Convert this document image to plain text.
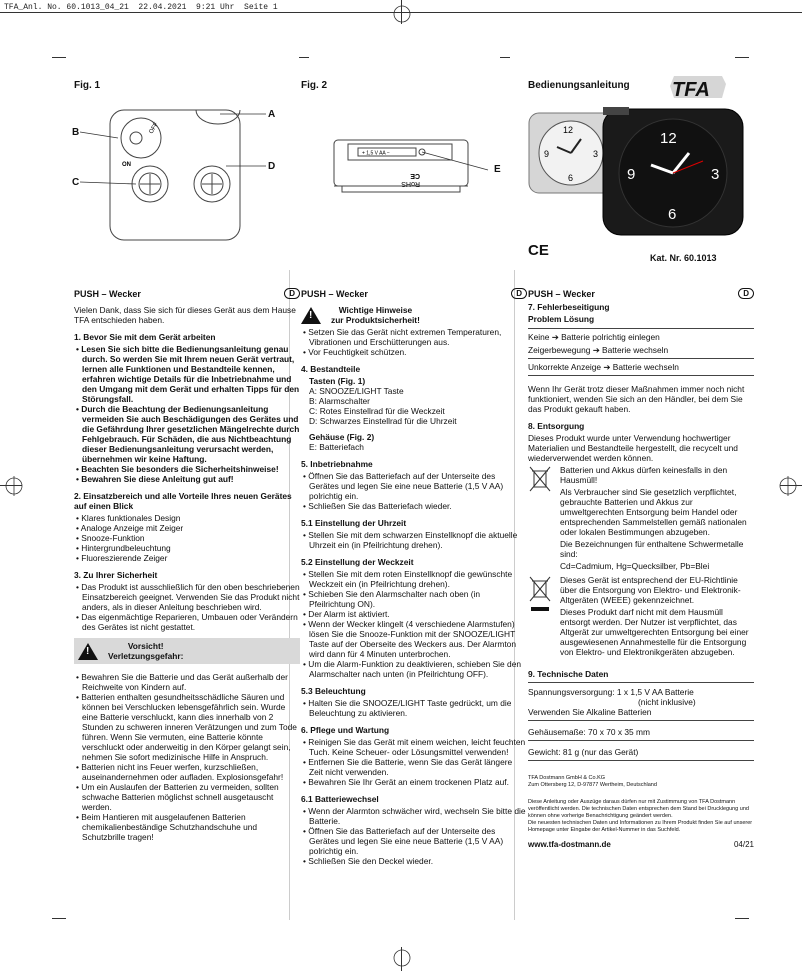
TFA_Anl. No. 60.1013_04_21  22.04.2021  9:21 Uhr  Seite 1
Fig. 1
OFF
ON
B
C
A
D
Fig. 2
+ 1,5 V AA −
CE
RoHS
E
Bedienungsanleitung TFA
12
3
6
9
12
3
6
9
CE	Kat. Nr. 60.1013
PUSH – Wecker	D

Vielen Dank, dass Sie sich für dieses Gerät aus dem Hause TFA entschieden haben.

1. Bevor Sie mit dem Gerät arbeiten
• Lesen Sie sich bitte die Bedienungsanleitung genau durch. So werden Sie mit Ihrem neuen Gerät vertraut, lernen alle Funktionen und Bestandteile kennen, erfahren wichtige Details für die Inbetriebnahme und den Umgang mit dem Gerät und erhalten Tipps für den Störungsfall.
• Durch die Beachtung der Bedienungsanleitung vermeiden Sie auch Beschädigungen des Gerätes und die Gefährdung Ihrer gesetzlichen Mängelrechte durch Fehlgebrauch. Für Schäden, die aus Nichtbeachtung dieser Bedienungsanleitung verursacht werden, übernehmen wir keine Haftung.
• Beachten Sie besonders die Sicherheitshinweise!
• Bewahren Sie diese Anleitung gut auf!
2. Einsatzbereich und alle Vorteile Ihres neuen Gerätes auf einen Blick
• Klares funktionales Design
• Analoge Anzeige mit Zeiger
• Snooze-Funktion
• Hintergrundbeleuchtung
• Fluoreszierende Zeiger
3. Zu Ihrer Sicherheit
• Das Produkt ist ausschließlich für den oben beschriebenen Einsatzbereich geeignet. Verwenden Sie das Produkt nicht anders, als in dieser Anleitung beschrieben wird.
• Das eigenmächtige Reparieren, Umbauen oder Verändern des Gerätes ist nicht gestattet.
!	Vorsicht!
Verletzungsgefahr:
• Bewahren Sie die Batterie und das Gerät außerhalb der Reichweite von Kindern auf.
• Batterien enthalten gesundheitsschädliche Säuren und können bei Verschlucken lebensgefährlich sein. Wurde eine Batterie verschluckt, kann dies innerhalb von 2 Stunden zu schweren inneren Verätzungen und zum Tode führen. Wenn Sie vermuten, eine Batterie könnte verschluckt oder anderweitig in den Körper gelangt sein, nehmen Sie sofort medizinische Hilfe in Anspruch.
• Batterien nicht ins Feuer werfen, kurzschließen, auseinandernehmen oder aufladen. Explosionsgefahr!
• Um ein Auslaufen der Batterien zu vermeiden, sollten schwache Batterien möglichst schnell ausgetauscht werden.
• Beim Hantieren mit ausgelaufenen Batterien chemikalienbeständige Schutzhandschuhe und Schutzbrille tragen!
PUSH – Wecker	D
!	Wichtige Hinweise
zur Produktsicherheit!
• Setzen Sie das Gerät nicht extremen Temperaturen, Vibrationen und Erschütterungen aus.
• Vor Feuchtigkeit schützen.
4. Bestandteile
Tasten (Fig. 1)
A: SNOOZE/LIGHT Taste
B: Alarmschalter
C: Rotes Einstellrad für die Weckzeit
D: Schwarzes Einstellrad für die Uhrzeit
Gehäuse (Fig. 2)
E: Batteriefach
5. Inbetriebnahme
• Öffnen Sie das Batteriefach auf der Unterseite des Gerätes und legen Sie eine neue Batterie (1,5 V AA) polrichtig ein.
• Schließen Sie das Batteriefach wieder.
5.1 Einstellung der Uhrzeit
• Stellen Sie mit dem schwarzen Einstellknopf die aktuelle Uhrzeit ein (in Pfeilrichtung drehen).
5.2 Einstellung der Weckzeit
• Stellen Sie mit dem roten Einstellknopf die gewünschte Weckzeit ein (in Pfeilrichtung drehen).
• Schieben Sie den Alarmschalter nach oben (in Pfeilrichtung ON).
• Der Alarm ist aktiviert.
• Wenn der Wecker klingelt (4 verschiedene Alarmstufen) lösen Sie die Snooze-Funktion mit der SNOOZE/LIGHT Taste auf der Oberseite des Weckers aus. Der Alarmton wird dann für 4 Minuten unterbrochen.
• Um die Alarm-Funktion zu deaktivieren, schieben Sie den Alarmschalter nach unten (in Pfeilrichtung OFF).
5.3 Beleuchtung
• Halten Sie die SNOOZE/LIGHT Taste gedrückt, um die Beleuchtung zu aktivieren.
6. Pflege und Wartung
• Reinigen Sie das Gerät mit einem weichen, leicht feuchten Tuch. Keine Scheuer- oder Lösungsmittel verwenden!
• Entfernen Sie die Batterie, wenn Sie das Gerät längere Zeit nicht verwenden.
• Bewahren Sie Ihr Gerät an einem trockenen Platz auf.
6.1 Batteriewechsel
• Wenn der Alarmton schwächer wird, wechseln Sie bitte die Batterie.
• Öffnen Sie das Batteriefach auf der Unterseite des Gerätes und legen Sie eine neue Batterie (1,5 V AA) polrichtig ein.
• Schließen Sie den Deckel wieder.
PUSH – Wecker	D
7. Fehlerbeseitigung
Problem Lösung
Keine ➔ Batterie polrichtig einlegen
Zeigerbewegung ➔ Batterie wechseln
Unkorrekte Anzeige ➔ Batterie wechseln

Wenn Ihr Gerät trotz dieser Maßnahmen immer noch nicht funktioniert, wenden Sie sich an den Händler, bei dem Sie das Produkt gekauft haben.

8. Entsorgung

Dieses Produkt wurde unter Verwendung hochwertiger Materialien und Bestandteile hergestellt, die recycelt und wiederverwendet werden können.

Batterien und Akkus dürfen keinesfalls in den Hausmüll!

Als Verbraucher sind Sie gesetzlich verpflichtet, gebrauchte Batterien und Akkus zur umweltgerechten Entsorgung beim Handel oder entsprechenden Sammelstellen gemäß nationalen oder lokalen Bestimmungen abzugeben.

Die Bezeichnungen für enthaltene Schwermetalle sind:

Cd=Cadmium, Hg=Quecksilber, Pb=Blei

Dieses Gerät ist entsprechend der EU-Richtlinie über die Entsorgung von Elektro- und Elektronik-Altgeräten (WEEE) gekennzeichnet.

Dieses Produkt darf nicht mit dem Hausmüll entsorgt werden. Der Nutzer ist verpflichtet, das Altgerät zur umweltgerechten Entsorgung bei einer ausgewiesenen Annahmestelle für die Entsorgung von Elektro- und Elektronikgeräten abzugeben.

9. Technische Daten
Spannungsversorgung: 1 x 1,5 V AA Batterie
(nicht inklusive)
Verwenden Sie Alkaline Batterien
Gehäusemaße: 70 x 70 x 35 mm
Gewicht: 81 g (nur das Gerät)
TFA Dostmann GmbH & Co.KG
Zum Ottersberg 12, D-97877 Wertheim, Deutschland
Diese Anleitung oder Auszüge daraus dürfen nur mit Zustimmung von TFA Dostmann veröffentlicht werden. Die technischen Daten entsprechen dem Stand bei Drucklegung und können ohne vorherige Benachrichtigung geändert werden.
Die neuesten technischen Daten und Informationen zu Ihrem Produkt finden Sie auf unserer Homepage unter Eingabe der Artikel-Nummer in das Suchfeld.
www.tfa-dostmann.de	04/21
